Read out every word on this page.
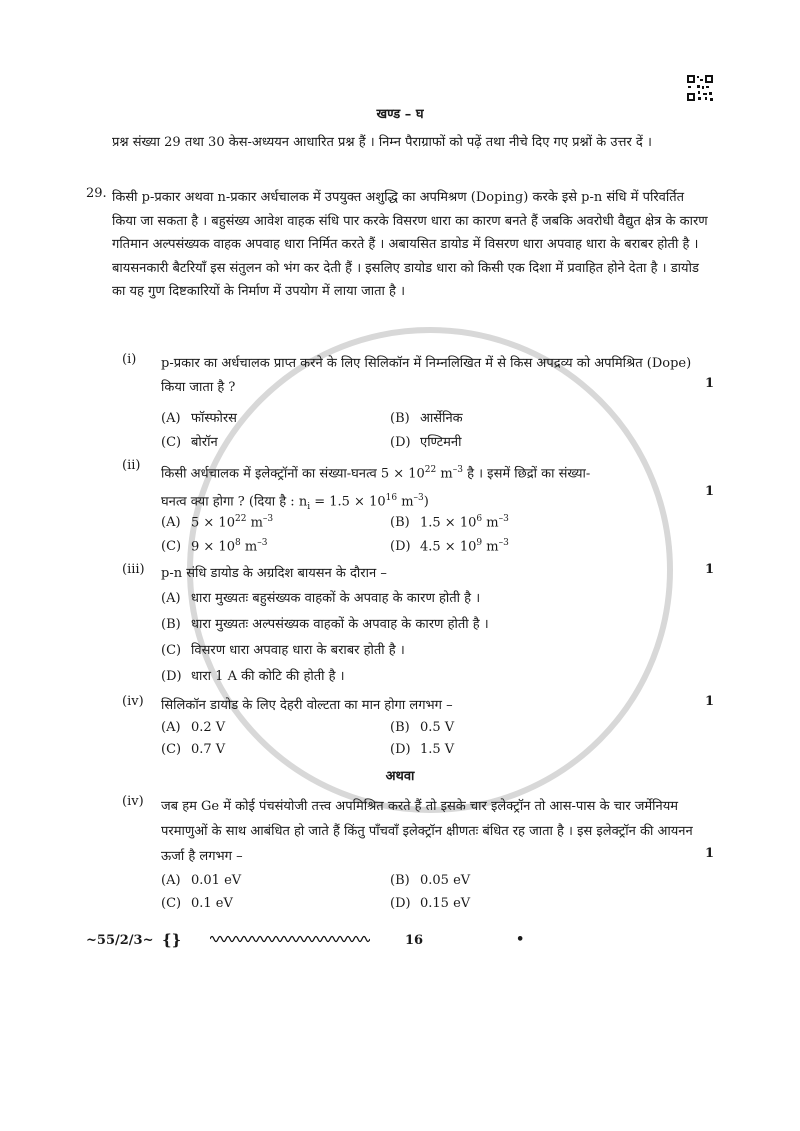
खण्ड – घ
प्रश्न संख्या 29 तथा 30 केस-अध्ययन आधारित प्रश्न हैं । निम्न पैराग्राफों को पढ़ें तथा नीचे दिए गए प्रश्नों के उत्तर दें ।
29. किसी p-प्रकार अथवा n-प्रकार अर्धचालक में उपयुक्त अशुद्धि का अपमिश्रण (Doping) करके इसे p-n संधि में परिवर्तित किया जा सकता है । बहुसंख्य आवेश वाहक संधि पार करके विसरण धारा का कारण बनते हैं जबकि अवरोधी वैद्युत क्षेत्र के कारण गतिमान अल्पसंख्यक वाहक अपवाह धारा निर्मित करते हैं । अबायसित डायोड में विसरण धारा अपवाह धारा के बराबर होती है । बायसनकारी बैटरियाँ इस संतुलन को भंग कर देती हैं । इसलिए डायोड धारा को किसी एक दिशा में प्रवाहित होने देता है । डायोड का यह गुण दिष्टकारियों के निर्माण में उपयोग में लाया जाता है ।
(i) p-प्रकार का अर्धचालक प्राप्त करने के लिए सिलिकॉन में निम्नलिखित में से किस अपद्रव्य को अपमिश्रित (Dope) किया जाता है ?	1
(A) फॉस्फोरस	(B) आर्सेनिक
(C) बोरॉन	(D) एण्टिमनी
(ii)
किसी अर्धचालक में इलेक्ट्रॉनों का संख्या-घनत्व $5 \times 10^{22}$ $m^{-3}$ है । इसमें छिद्रों का संख्या-
घनत्व क्या होगा ? (दिया है : $n_i = 1.5 \times 10^{16}$ $m^{-3}$)
1
(A) $5 \times 10^{22}$ $m^{-3}$	(B) $1.5 \times 10^6$ $m^{-3}$
(C) $9 \times 10^8$ $m^{-3}$	(D) $4.5 \times 10^9$ $m^{-3}$
(iii) p-n संधि डायोड के अग्रदिश बायसन के दौरान –	1
(A) धारा मुख्यतः बहुसंख्यक वाहकों के अपवाह के कारण होती है ।
(B) धारा मुख्यतः अल्पसंख्यक वाहकों के अपवाह के कारण होती है ।
(C) विसरण धारा अपवाह धारा के बराबर होती है ।
(D) धारा 1 A की कोटि की होती है ।
(iv) सिलिकॉन डायोड के लिए देहरी वोल्टता का मान होगा लगभग –	1
(A) 0.2 V	(B) 0.5 V
(C) 0.7 V	(D) 1.5 V
अथवा
(iv) जब हम Ge में कोई पंचसंयोजी तत्त्व अपमिश्रित करते हैं तो इसके चार इलेक्ट्रॉन तो आस-पास के चार जर्मेनियम परमाणुओं के साथ आबंधित हो जाते हैं किंतु पाँचवाँ इलेक्ट्रॉन क्षीणतः बंधित रह जाता है । इस इलेक्ट्रॉन की आयनन ऊर्जा है लगभग –	1
(A) 0.01 eV	(B) 0.05 eV
(C) 0.1 eV	(D) 0.15 eV
~55/2/3~ {}	16	•
